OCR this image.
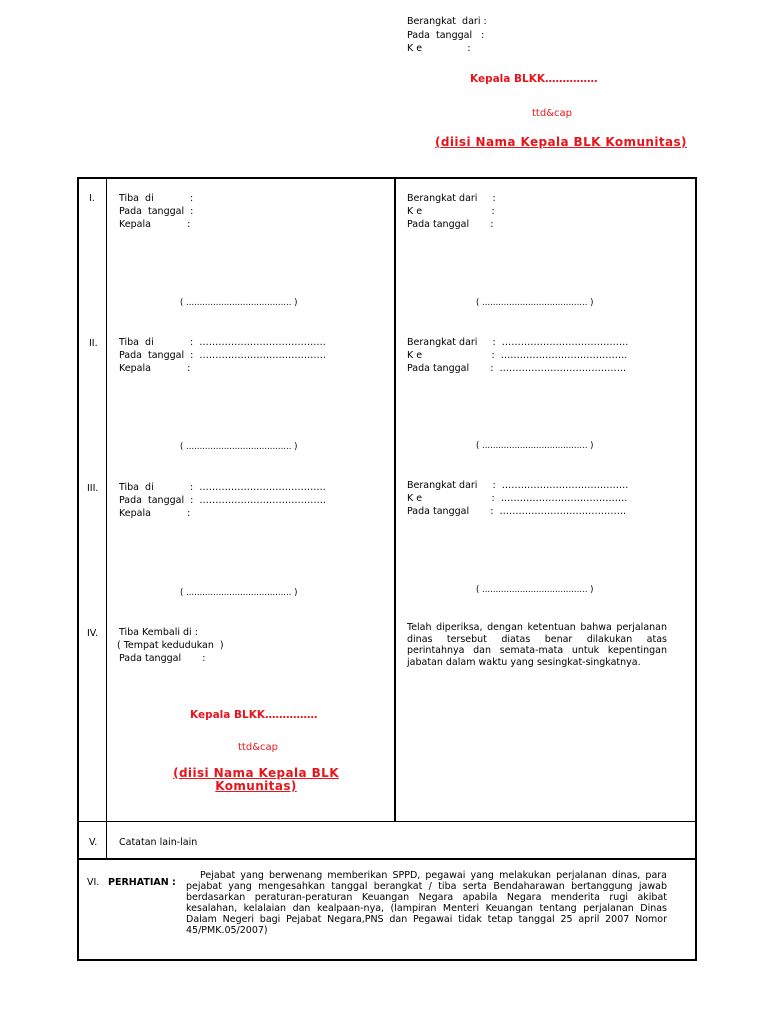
Berangkat  dari :
Pada  tanggal   :
K e               :
Kepala BLKK……………
ttd&cap
(diisi Nama Kepala BLK Komunitas)
I.	Tiba  di            :
Pada  tanggal  :
Kepala            :
( ....................................... )
Berangkat dari     :
K e                       :
Pada tanggal       :
( ....................................... )
II. Tiba  di            :  ………………………………….
Pada  tanggal  :  ………………………………….
Kepala            :
( ....................................... )
Berangkat dari     :  ………………………………….
K e                       :  ………………………………….
Pada tanggal       :  ………………………………….
( ....................................... )
III. Tiba  di            :  ………………………………….
Pada  tanggal  :  ………………………………….
Kepala            :
( ....................................... )
Berangkat dari     :  ………………………………….
K e                       :  ………………………………….
Pada tanggal       :  ………………………………….
( ....................................... )
IV. Tiba Kembali di :
( Tempat kedudukan  )
Pada tanggal       :
Kepala BLKK……………
ttd&cap
(diisi Nama Kepala BLK
Komunitas)
Telah diperiksa, dengan ketentuan bahwa perjalanan dinas tersebut diatas benar dilakukan atas perintahnya dan semata-mata untuk kepentingan jabatan dalam waktu yang sesingkat-singkatnya.
V. Catatan lain-lain
VI. PERHATIAN :
Pejabat yang berwenang memberikan SPPD, pegawai yang melakukan perjalanan dinas, para pejabat yang mengesahkan tanggal berangkat / tiba serta Bendaharawan bertanggung jawab berdasarkan peraturan-peraturan Keuangan Negara apabila Negara menderita rugi akibat kesalahan, kelalaian dan kealpaan-nya, (lampiran Menteri Keuangan tentang perjalanan Dinas Dalam Negeri bagi Pejabat Negara,PNS dan Pegawai tidak tetap tanggal 25 april 2007 Nomor 45/PMK.05/2007)
